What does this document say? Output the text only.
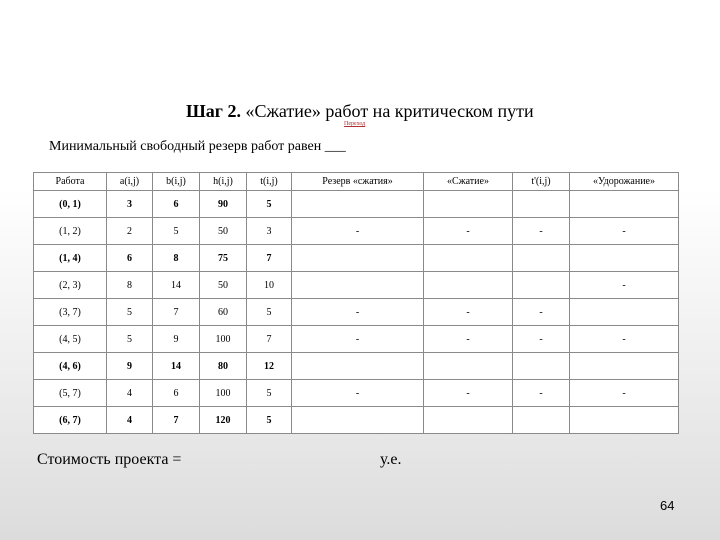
Шаг 2. «Сжатие» работ на критическом пути
Переход
Минимальный свободный резерв работ равен ___
Работа	a(i,j)	b(i,j)	h(i,j)	t(i,j)	Резерв «сжатия»	«Сжатие»	t'(i,j)	«Удорожание»
(0, 1)	3	6	90	5				
(1, 2)	2	5	50	3	-	-	-	-
(1, 4)	6	8	75	7				
(2, 3)	8	14	50	10				-
(3, 7)	5	7	60	5	-	-	-	
(4, 5)	5	9	100	7	-	-	-	-
(4, 6)	9	14	80	12				
(5, 7)	4	6	100	5	-	-	-	-
(6, 7)	4	7	120	5				
Стоимость проекта =	у.е.
64
